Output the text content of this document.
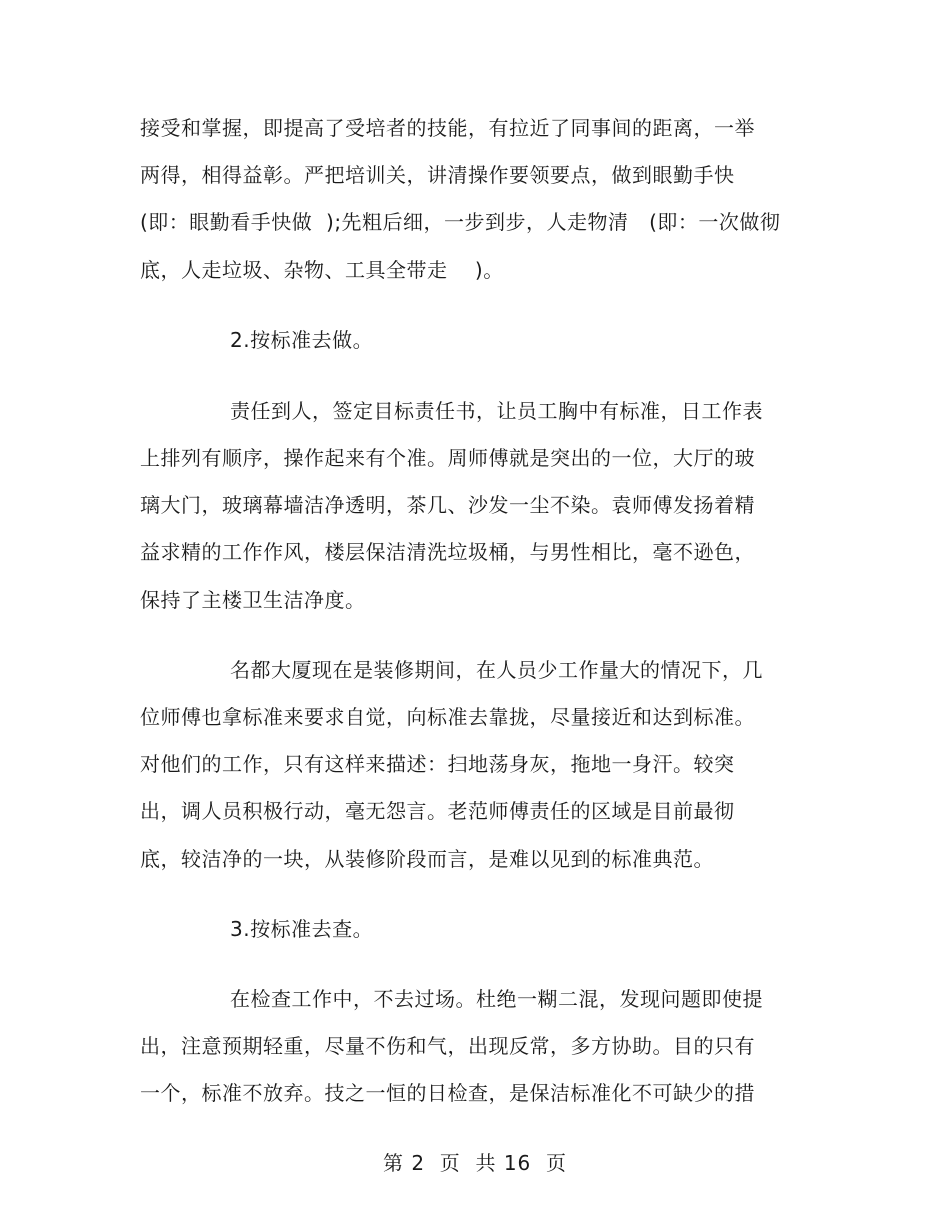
接受和掌握，即提高了受培者的技能，有拉近了同事间的距离，一举

两得，相得益彰。严把培训关，讲清操作要领要点，做到眼勤手快

(即：眼勤看手快做  );先粗后细，一步到步，人走物清   (即：一次做彻

底，人走垃圾、杂物、工具全带走    )。

2.按标准去做。

责任到人，签定目标责任书，让员工胸中有标准，日工作表

上排列有顺序，操作起来有个准。周师傅就是突出的一位，大厅的玻

璃大门，玻璃幕墙洁净透明，茶几、沙发一尘不染。袁师傅发扬着精

益求精的工作作风，楼层保洁清洗垃圾桶，与男性相比，毫不逊色，

保持了主楼卫生洁净度。

名都大厦现在是装修期间，在人员少工作量大的情况下，几

位师傅也拿标准来要求自觉，向标准去靠拢，尽量接近和达到标准。

对他们的工作，只有这样来描述：扫地荡身灰，拖地一身汗。较突

出，调人员积极行动，毫无怨言。老范师傅责任的区域是目前最彻

底，较洁净的一块，从装修阶段而言，是难以见到的标准典范。

3.按标准去查。

在检查工作中，不去过场。杜绝一糊二混，发现问题即使提

出，注意预期轻重，尽量不伤和气，出现反常，多方协助。目的只有

一个，标准不放弃。技之一恒的日检查，是保洁标准化不可缺少的措

第 2  页  共 16  页
